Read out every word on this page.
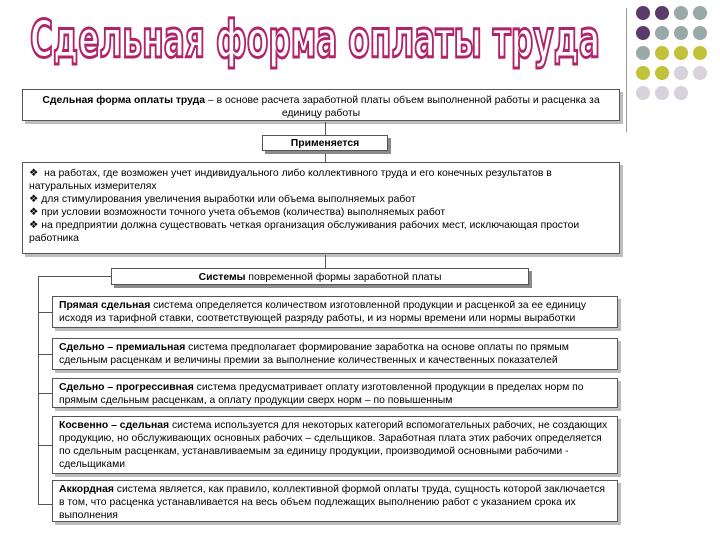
Сдельная форма оплаты труда
Сдельная форма оплаты труда – в основе расчета заработной платы объем выполненной работы и расценка за единицу работы
Применяется
❖ на работах, где возможен учет индивидуального либо коллективного труда и его конечных результатов в натуральных измерителях
❖ для стимулирования увеличения выработки или объема выполняемых работ
❖ при условии возможности точного учета объемов (количества) выполняемых работ
❖ на предприятии должна существовать четкая организация обслуживания рабочих мест, исключающая простои работника
Системы повременной формы заработной платы
Прямая сдельная система определяется количеством изготовленной продукции и расценкой за ее единицу исходя из тарифной ставки, соответствующей разряду работы, и из нормы времени или нормы выработки
Сдельно – премиальная система предполагает формирование заработка на основе оплаты по прямым сдельным расценкам и величины премии за выполнение количественных и качественных показателей
Сдельно – прогрессивная система предусматривает оплату изготовленной продукции в пределах норм по прямым сдельным расценкам, а оплату продукции сверх норм – по повышенным
Косвенно – сдельная система используется для некоторых категорий вспомогательных рабочих, не создающих продукцию, но обслуживающих основных рабочих – сдельщиков. Заработная плата этих рабочих определяется по сдельным расценкам, устанавливаемым за единицу продукции, производимой основными рабочими - сдельщиками
Аккордная система является, как правило, коллективной формой оплаты труда, сущность которой заключается в том, что расценка устанавливается на весь объем подлежащих выполнению работ с указанием срока их выполнения
